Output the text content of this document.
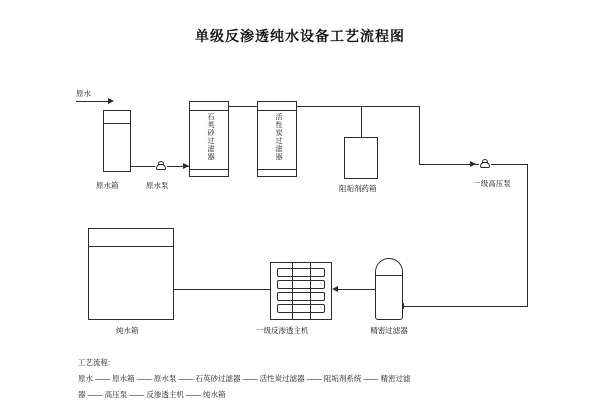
单级反渗透纯水设备工艺流程图
原水
原水箱	原水泵
石英砂过滤器	活性炭过滤器
阻垢剂药箱
一级高压泵
精密过滤器
一级反渗透主机
纯水箱
工艺流程:
原水 —— 原水箱 —— 原水泵 —— 石英砂过滤器 —— 活性炭过滤器 —— 阻垢剂系统 —— 精密过滤
器 —— 高压泵 —— 反渗透主机 —— 纯水箱
